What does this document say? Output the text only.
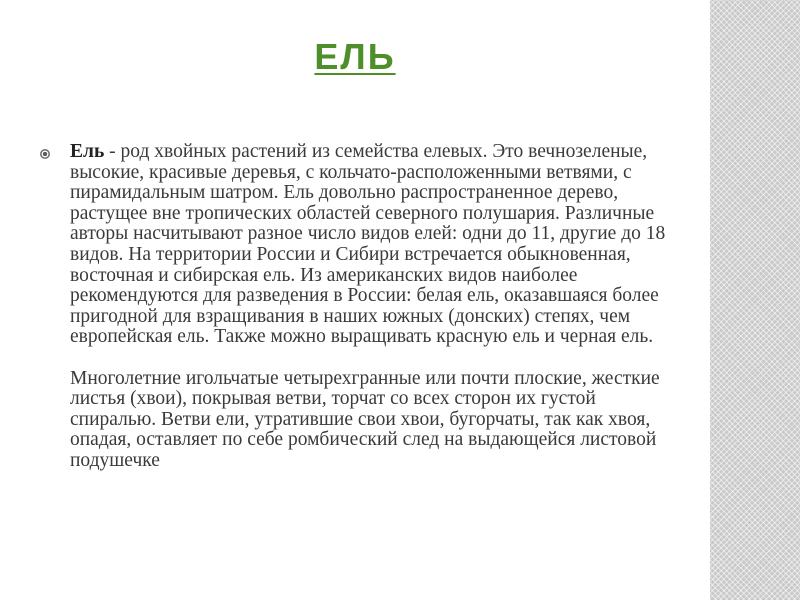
ЕЛЬ

Ель - род хвойных растений из семейства елевых. Это вечнозеленые, высокие, красивые деревья, с кольчато-расположенными ветвями, с пирамидальным шатром. Ель довольно распространенное дерево, растущее вне тропических областей северного полушария. Различные авторы насчитывают разное число видов елей: одни до 11, другие до 18 видов. На территории России и Сибири встречается обыкновенная, восточная и сибирская ель. Из американских видов наиболее рекомендуются для разведения в России: белая ель, оказавшаяся более пригодной для взращивания в наших южных (донских) степях, чем европейская ель. Также можно выращивать красную ель и черная ель.

Многолетние игольчатые четырехгранные или почти плоские, жесткие листья (хвои), покрывая ветви, торчат со всех сторон их густой спиралью. Ветви ели, утратившие свои хвои, бугорчаты, так как хвоя, опадая, оставляет по себе ромбический след на выдающейся листовой подушечке
